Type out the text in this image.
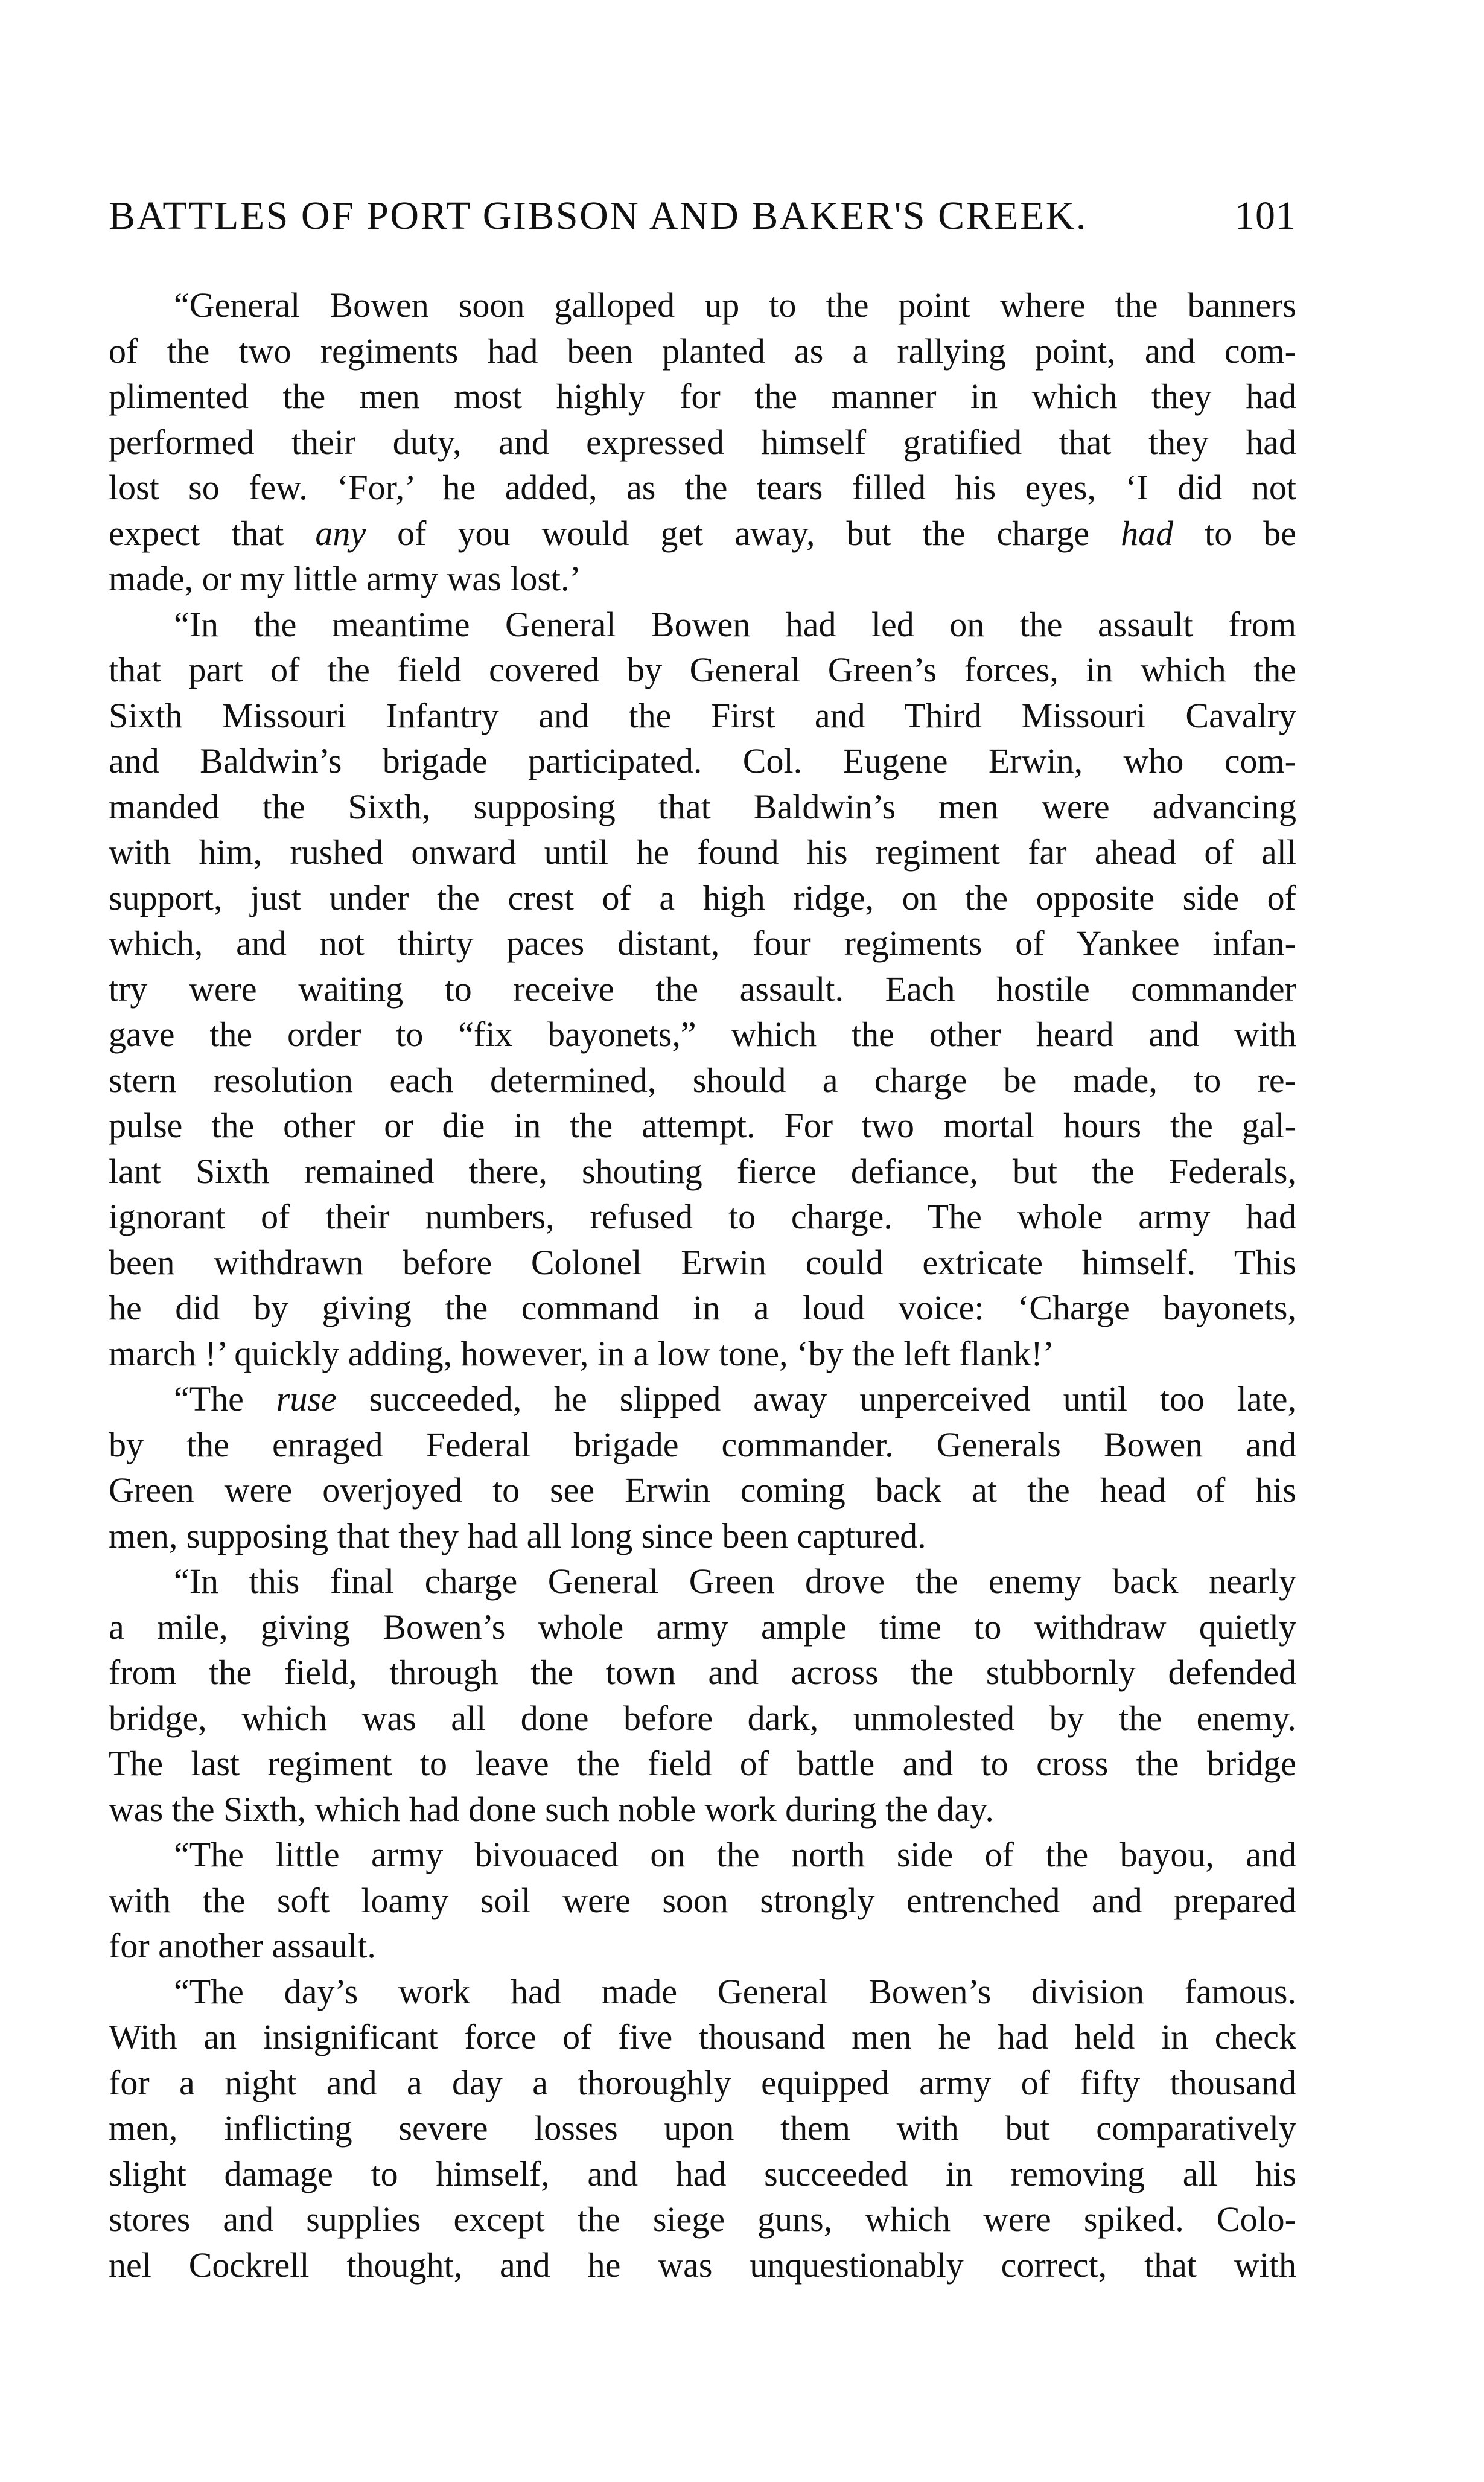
BATTLES OF PORT GIBSON AND BAKER'S CREEK.	101
“General Bowen soon galloped up to the point where the banners
of the two regiments had been planted as a rallying point, and com-
plimented the men most highly for the manner in which they had
performed their duty, and expressed himself gratified that they had
lost so few. ‘For,’ he added, as the tears filled his eyes, ‘I did not
expect that any of you would get away, but the charge had to be
made, or my little army was lost.’
“In the meantime General Bowen had led on the assault from
that part of the field covered by General Green’s forces, in which the
Sixth Missouri Infantry and the First and Third Missouri Cavalry
and Baldwin’s brigade participated. Col. Eugene Erwin, who com-
manded the Sixth, supposing that Baldwin’s men were advancing
with him, rushed onward until he found his regiment far ahead of all
support, just under the crest of a high ridge, on the opposite side of
which, and not thirty paces distant, four regiments of Yankee infan-
try were waiting to receive the assault. Each hostile commander
gave the order to “fix bayonets,” which the other heard and with
stern resolution each determined, should a charge be made, to re-
pulse the other or die in the attempt. For two mortal hours the gal-
lant Sixth remained there, shouting fierce defiance, but the Federals,
ignorant of their numbers, refused to charge. The whole army had
been withdrawn before Colonel Erwin could extricate himself. This
he did by giving the command in a loud voice: ‘Charge bayonets,
march !’ quickly adding, however, in a low tone, ‘by the left flank!’
“The ruse succeeded, he slipped away unperceived until too late,
by the enraged Federal brigade commander. Generals Bowen and
Green were overjoyed to see Erwin coming back at the head of his
men, supposing that they had all long since been captured.
“In this final charge General Green drove the enemy back nearly
a mile, giving Bowen’s whole army ample time to withdraw quietly
from the field, through the town and across the stubbornly defended
bridge, which was all done before dark, unmolested by the enemy.
The last regiment to leave the field of battle and to cross the bridge
was the Sixth, which had done such noble work during the day.
“The little army bivouaced on the north side of the bayou, and
with the soft loamy soil were soon strongly entrenched and prepared
for another assault.
“The day’s work had made General Bowen’s division famous.
With an insignificant force of five thousand men he had held in check
for a night and a day a thoroughly equipped army of fifty thousand
men, inflicting severe losses upon them with but comparatively
slight damage to himself, and had succeeded in removing all his
stores and supplies except the siege guns, which were spiked. Colo-
nel Cockrell thought, and he was unquestionably correct, that with
